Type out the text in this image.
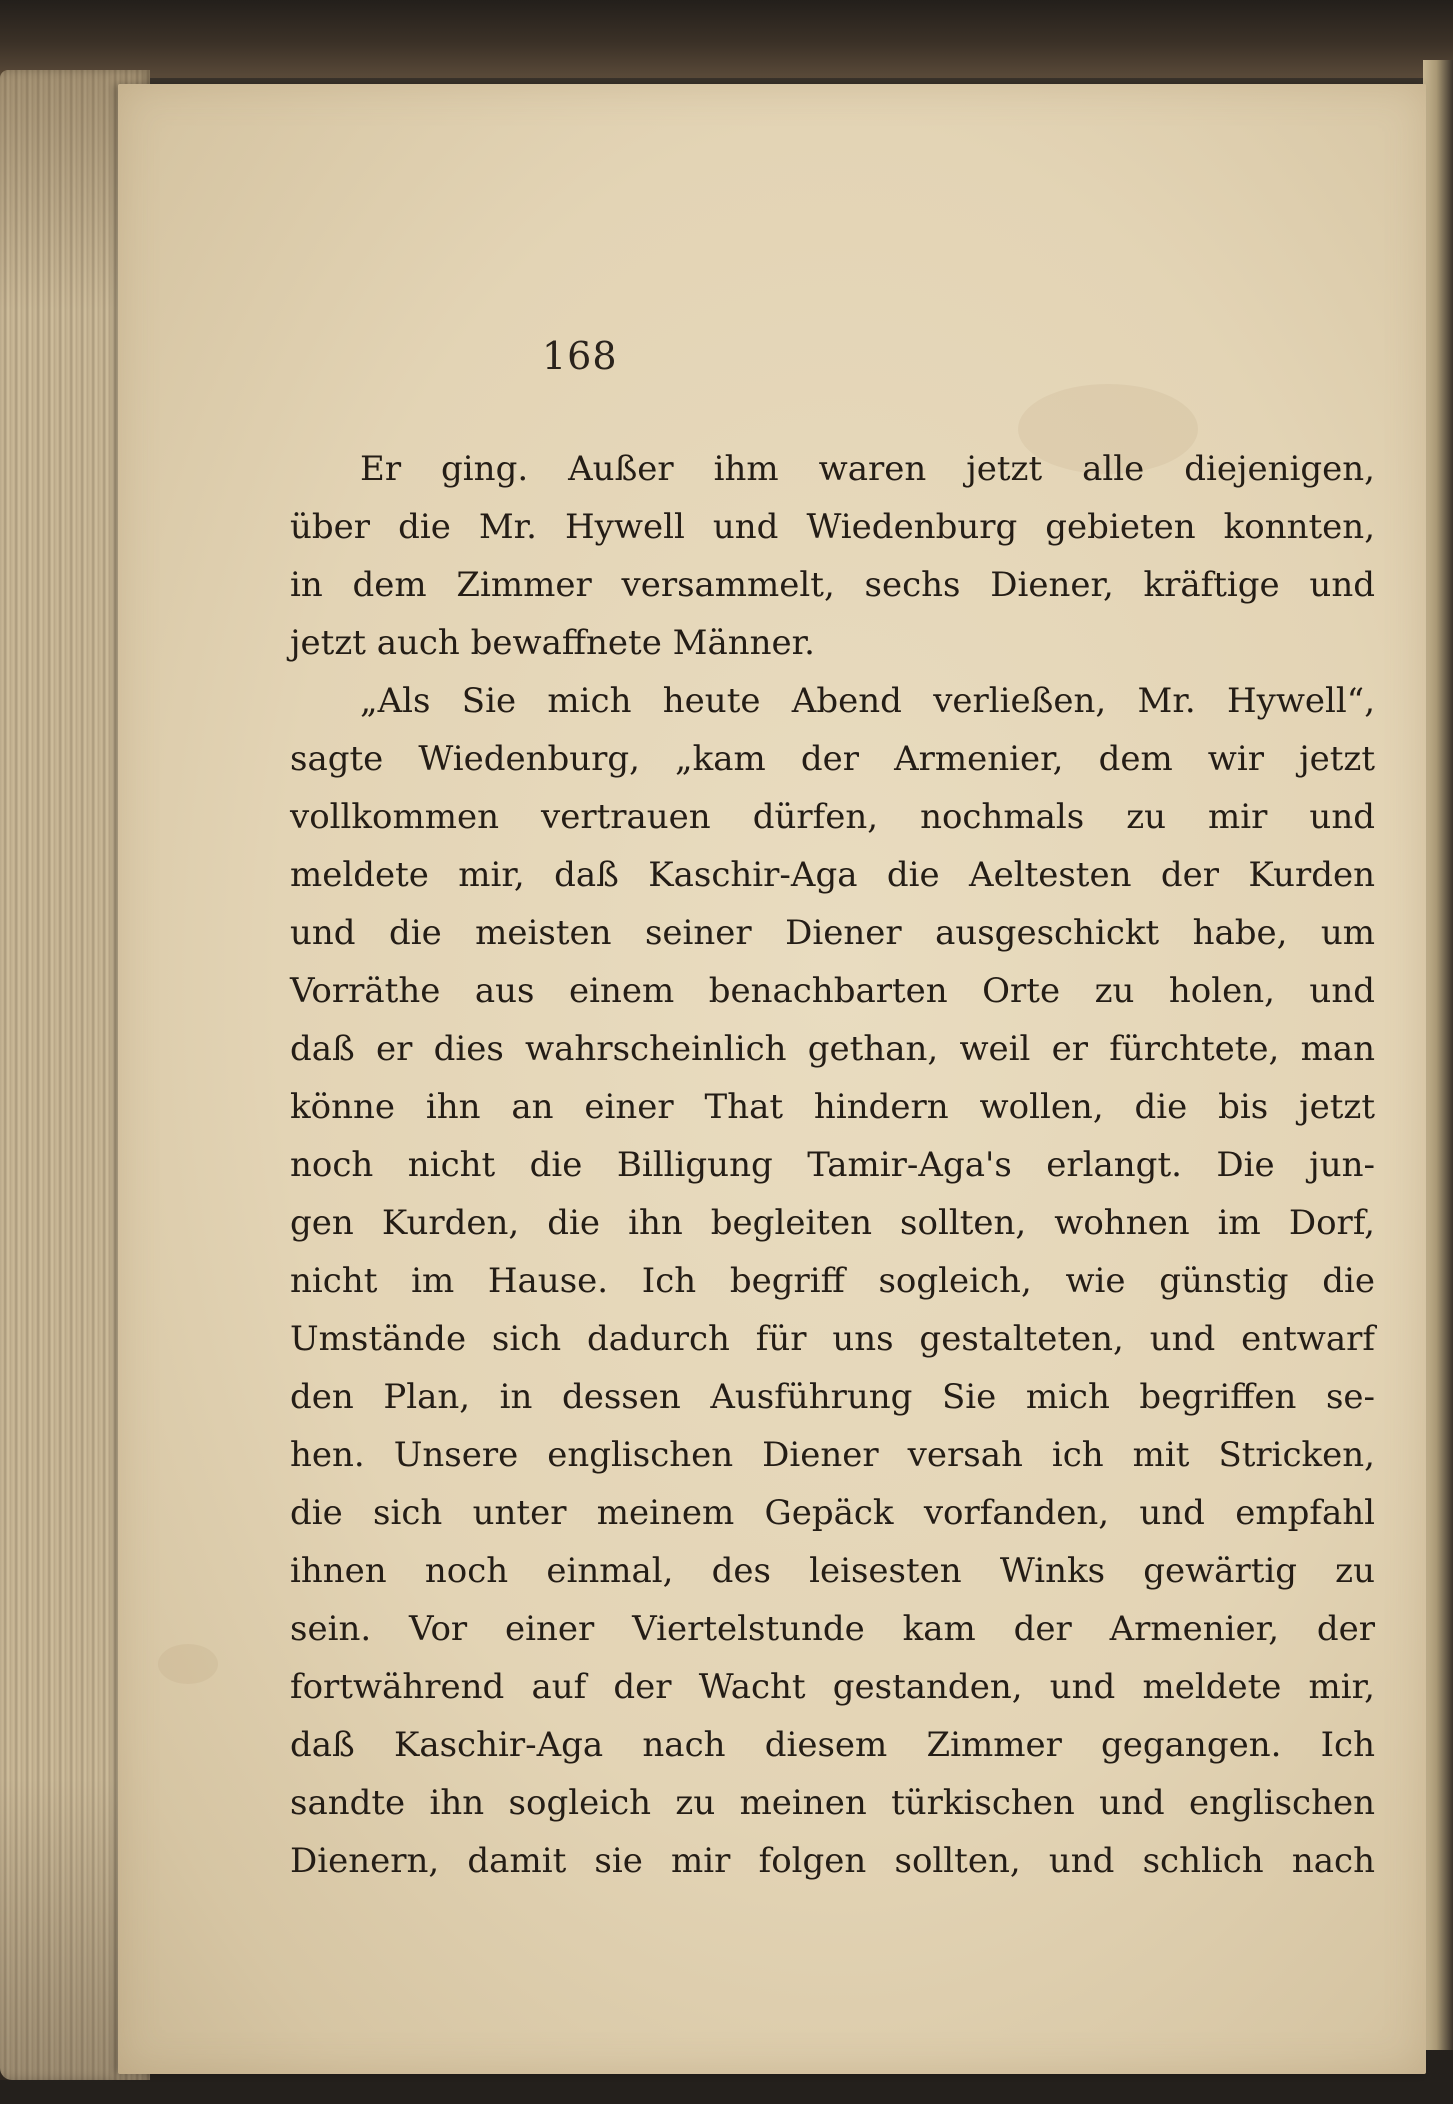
168
Er ging. Außer ihm waren jetzt alle diejenigen,
über die Mr. Hywell und Wiedenburg gebieten konnten,
in dem Zimmer versammelt, sechs Diener, kräftige und
jetzt auch bewaffnete Männer.
„Als Sie mich heute Abend verließen, Mr. Hywell“,
sagte Wiedenburg, „kam der Armenier, dem wir jetzt
vollkommen vertrauen dürfen, nochmals zu mir und
meldete mir, daß Kaschir-Aga die Aeltesten der Kurden
und die meisten seiner Diener ausgeschickt habe, um
Vorräthe aus einem benachbarten Orte zu holen, und
daß er dies wahrscheinlich gethan, weil er fürchtete, man
könne ihn an einer That hindern wollen, die bis jetzt
noch nicht die Billigung Tamir-Aga's erlangt. Die jun-
gen Kurden, die ihn begleiten sollten, wohnen im Dorf,
nicht im Hause. Ich begriff sogleich, wie günstig die
Umstände sich dadurch für uns gestalteten, und entwarf
den Plan, in dessen Ausführung Sie mich begriffen se-
hen. Unsere englischen Diener versah ich mit Stricken,
die sich unter meinem Gepäck vorfanden, und empfahl
ihnen noch einmal, des leisesten Winks gewärtig zu
sein. Vor einer Viertelstunde kam der Armenier, der
fortwährend auf der Wacht gestanden, und meldete mir,
daß Kaschir-Aga nach diesem Zimmer gegangen. Ich
sandte ihn sogleich zu meinen türkischen und englischen
Dienern, damit sie mir folgen sollten, und schlich nach
